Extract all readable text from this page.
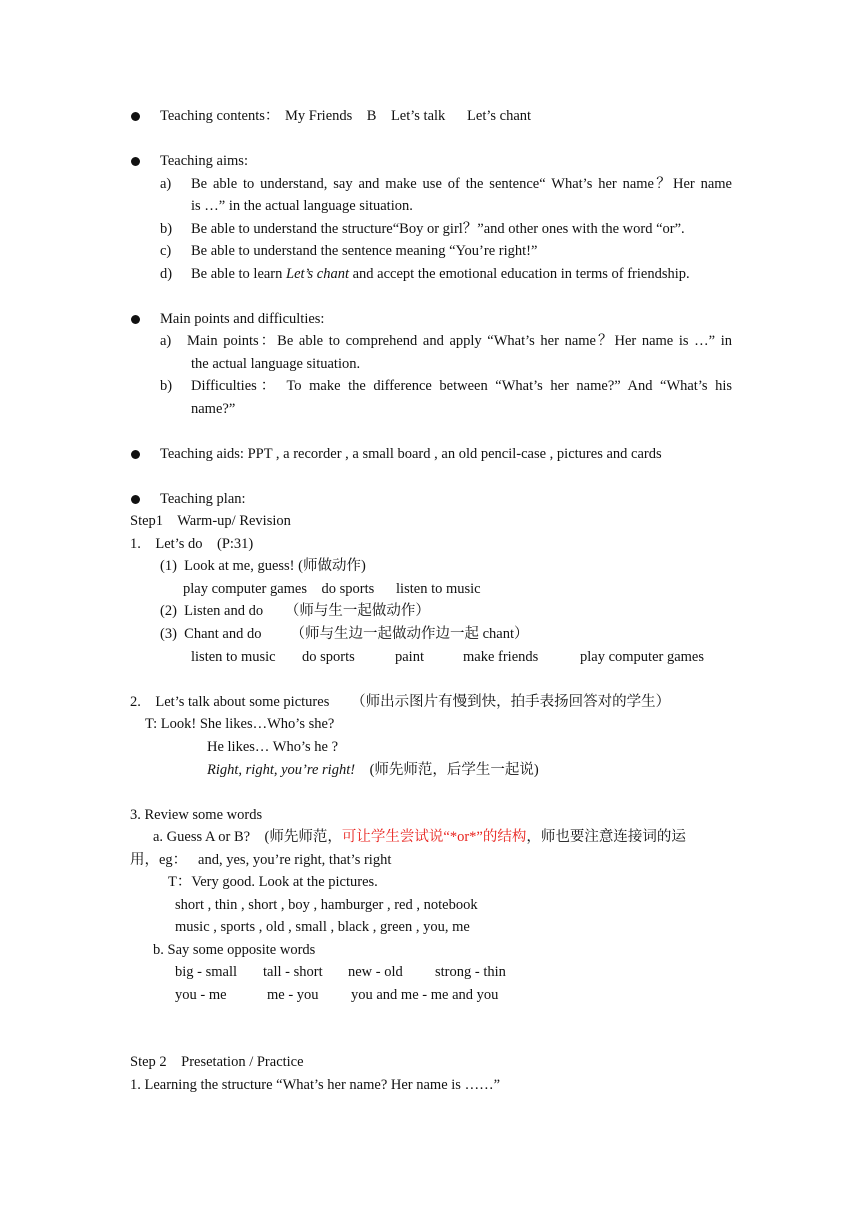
Teaching contents： My Friends    B    Let’s talk      Let’s chant
Teaching aims:
a) Be able to understand, say and make use of the sentence“ What’s her name？Her name
is …” in the actual language situation.
b) Be able to understand the structure“Boy or girl？”and other ones with the word “or”.
c) Be able to understand the sentence meaning “You’re right!”
d) Be able to learn Let’s chant and accept the emotional education in terms of friendship.
Main points and difficulties:
a) Main points：Be able to comprehend and apply “What’s her name？Her name is …” in
the actual language situation.
b) Difficulties： To make the difference between “What’s her name?” And “What’s his
name?”
Teaching aids: PPT , a recorder , a small board , an old pencil-case , pictures and cards
Teaching plan:
Step1    Warm-up/ Revision
1.    Let’s do    (P:31)
(1)  Look at me, guess! (师做动作)
play computer games    do sports      listen to music
(2)  Listen and do      （师与生一起做动作）
(3)  Chant and do        （师与生边一起做动作边一起 chant）
listen to music do sports	paint	make friends	play computer games
2.    Let’s talk about some pictures      （师出示图片有慢到快，拍手表扬回答对的学生）
T: Look! She likes…Who’s she?
He likes… Who’s he ?
Right, right, you’re right!    (师先师范，后学生一起说)
3. Review some words
a. Guess A or B?    (师先师范，可让学生尝试说“*or*”的结构，师也要注意连接词的运
用，eg：   and, yes, you’re right, that’s right
T：Very good. Look at the pictures.
short , thin , short , boy , hamburger , red , notebook
music , sports , old , small , black , green , you, me
b. Say some opposite words
big - small tall - short new - old strong - thin
you - me	me - you you and me - me and you
Step 2    Presetation / Practice
1. Learning the structure “What’s her name? Her name is ……”
